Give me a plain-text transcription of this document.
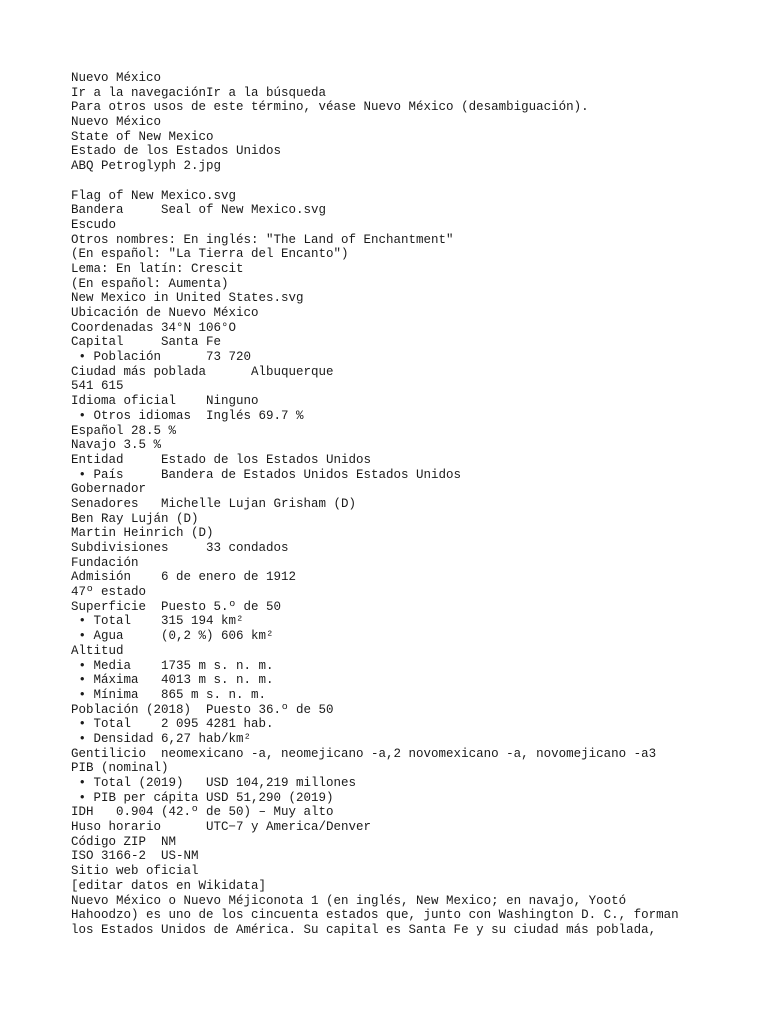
Nuevo México
Ir a la navegaciónIr a la búsqueda
Para otros usos de este término, véase Nuevo México (desambiguación).
Nuevo México
State of New Mexico
Estado de los Estados Unidos
ABQ Petroglyph 2.jpg
Flag of New Mexico.svg
Bandera     Seal of New Mexico.svg
Escudo
Otros nombres: En inglés: "The Land of Enchantment"
(En español: "La Tierra del Encanto")
Lema: En latín: Crescit
(En español: Aumenta)
New Mexico in United States.svg
Ubicación de Nuevo México
Coordenadas 34°N 106°O
Capital     Santa Fe
• Población      73 720
Ciudad más poblada      Albuquerque
541 615
Idioma oficial    Ninguno
• Otros idiomas  Inglés 69.7 %
Español 28.5 %
Navajo 3.5 %
Entidad     Estado de los Estados Unidos
• País     Bandera de Estados Unidos Estados Unidos
Gobernador
Senadores   Michelle Lujan Grisham (D)
Ben Ray Luján (D)
Martin Heinrich (D)
Subdivisiones     33 condados
Fundación
Admisión    6 de enero de 1912
47º estado
Superficie  Puesto 5.º de 50
• Total    315 194 km²
• Agua     (0,2 %) 606 km²
Altitud
• Media    1735 m s. n. m.
• Máxima   4013 m s. n. m.
• Mínima   865 m s. n. m.
Población (2018)  Puesto 36.º de 50
• Total    2 095 4281 hab.
• Densidad 6,27 hab/km²
Gentilicio  neomexicano -a, neomejicano -a,2 novomexicano -a, novomejicano -a3
PIB (nominal)
• Total (2019)   USD 104,219 millones
• PIB per cápita USD 51,290 (2019)
IDH   0.904 (42.º de 50) – Muy alto
Huso horario      UTC−7 y America/Denver
Código ZIP  NM
ISO 3166-2  US-NM
Sitio web oficial
[editar datos en Wikidata]
Nuevo México o Nuevo Méjiconota 1 (en inglés, New Mexico; en navajo, Yootó
Hahoodzo) es uno de los cincuenta estados que, junto con Washington D. C., forman
los Estados Unidos de América. Su capital es Santa Fe y su ciudad más poblada,
